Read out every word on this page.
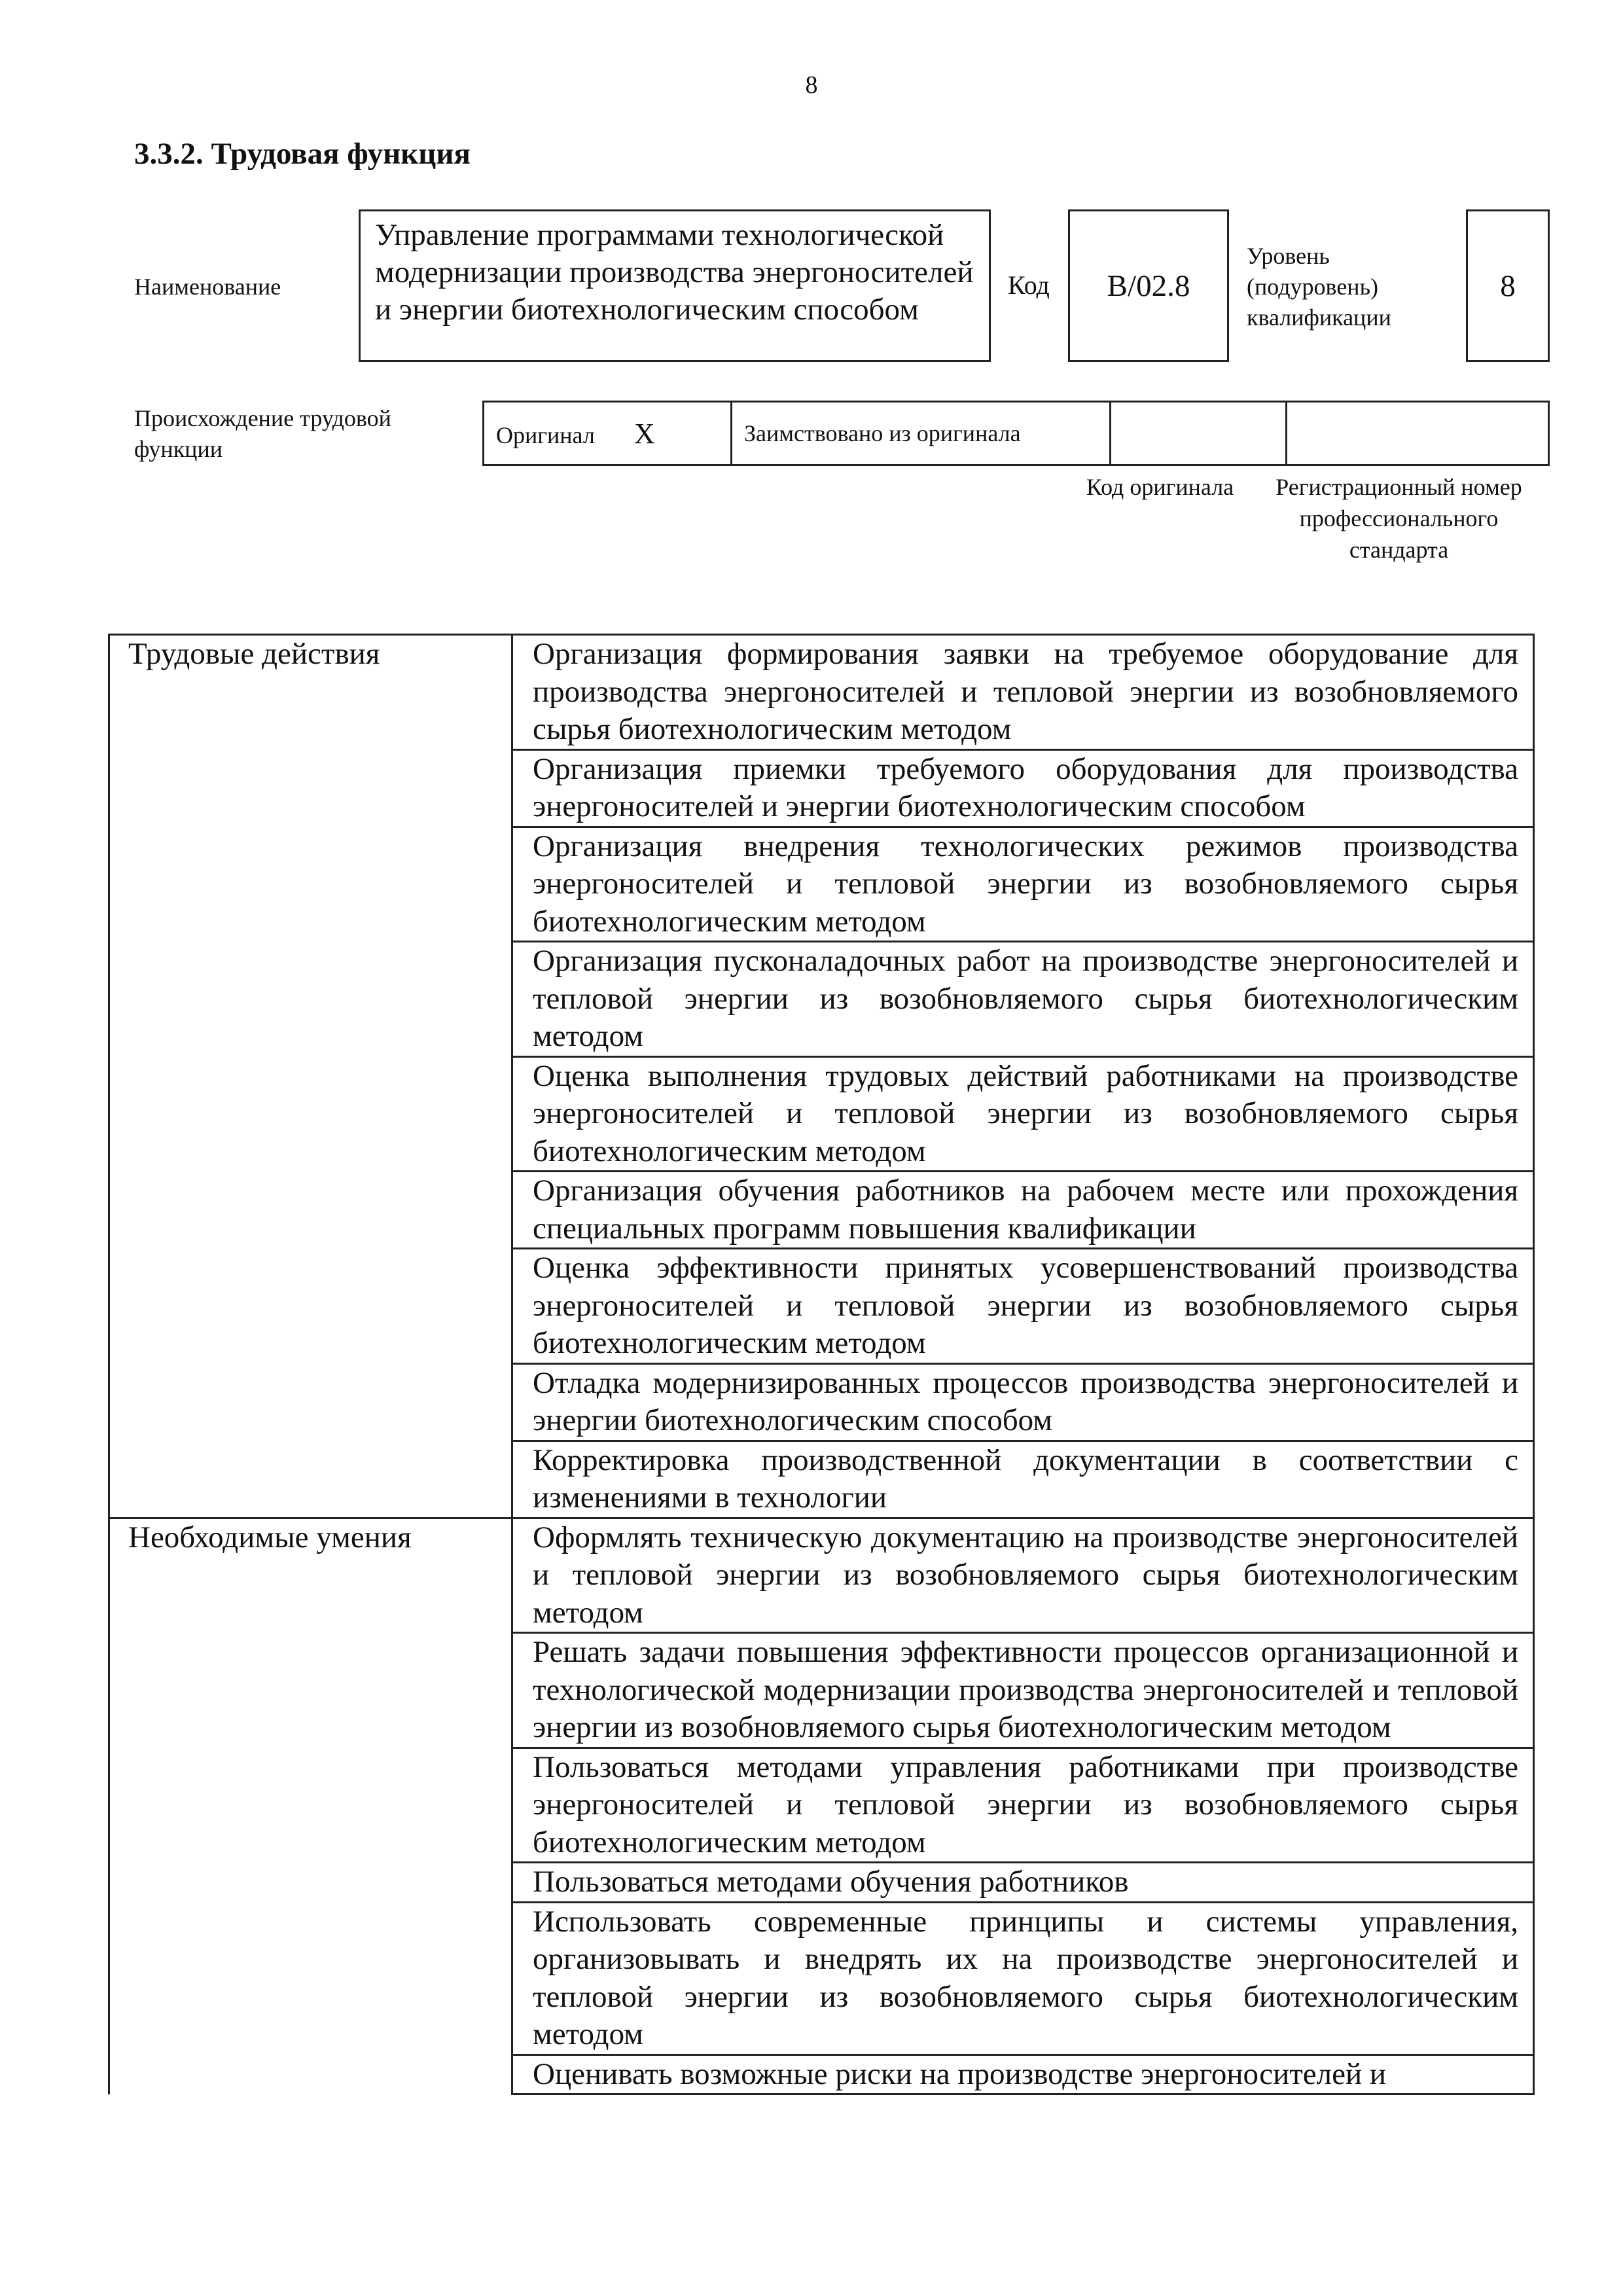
8
3.3.2. Трудовая функция
Наименование
Управление программами технологической модернизации производства энергоносителей и энергии биотехнологическим способом
Код	B/02.8
Уровень (подуровень) квалификации
8
Происхождение трудовой функции
Оригинал X	Заимствовано из оригинала		
Код оригинала	Регистрационный номер профессионального стандарта
Трудовые действия	Организация формирования заявки на требуемое оборудование для производства энергоносителей и тепловой энергии из возобновляемого сырья биотехнологическим методом
	Организация приемки требуемого оборудования для производства энергоносителей и энергии биотехнологическим способом
	Организация внедрения технологических режимов производства энергоносителей и тепловой энергии из возобновляемого сырья биотехнологическим методом
	Организация пусконаладочных работ на производстве энергоносителей и тепловой энергии из возобновляемого сырья биотехнологическим методом
	Оценка выполнения трудовых действий работниками на производстве энергоносителей и тепловой энергии из возобновляемого сырья биотехнологическим методом
	Организация обучения работников на рабочем месте или прохождения специальных программ повышения квалификации
	Оценка эффективности принятых усовершенствований производства энергоносителей и тепловой энергии из возобновляемого сырья биотехнологическим методом
	Отладка модернизированных процессов производства энергоносителей и энергии биотехнологическим способом
	Корректировка производственной документации в соответствии с изменениями в технологии
Необходимые умения	Оформлять техническую документацию на производстве энергоносителей и тепловой энергии из возобновляемого сырья биотехнологическим методом
	Решать задачи повышения эффективности процессов организационной и технологической модернизации производства энергоносителей и тепловой энергии из возобновляемого сырья биотехнологическим методом
	Пользоваться методами управления работниками при производстве энергоносителей и тепловой энергии из возобновляемого сырья биотехнологическим методом
	Пользоваться методами обучения работников
	Использовать современные принципы и системы управления, организовывать и внедрять их на производстве энергоносителей и тепловой энергии из возобновляемого сырья биотехнологическим методом
	Оценивать возможные риски на производстве энергоносителей и
